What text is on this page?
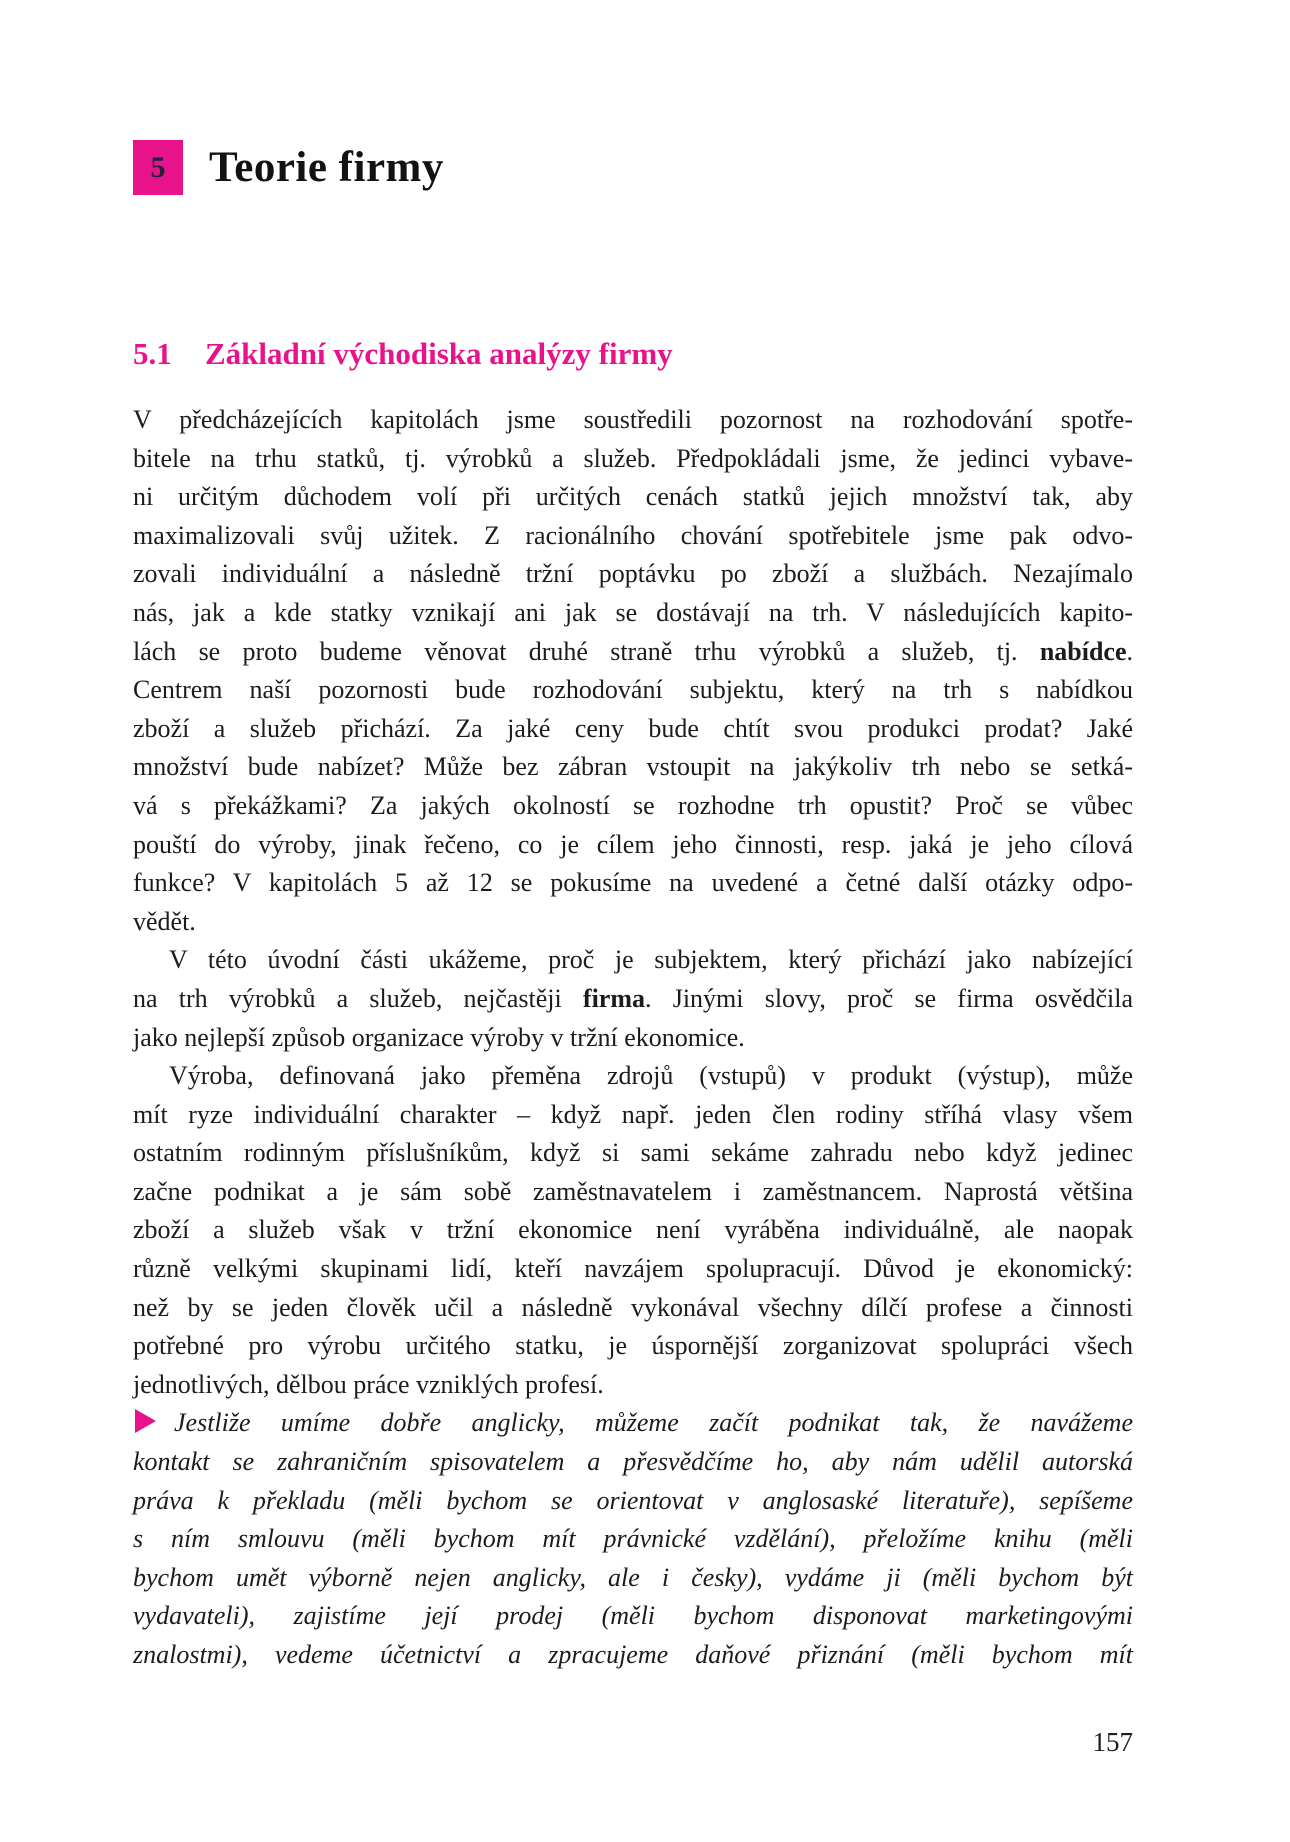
5 Teorie firmy
5.1 Základní východiska analýzy firmy
V předcházejících kapitolách jsme soustředili pozornost na rozhodování spotře-
bitele na trhu statků, tj. výrobků a služeb. Předpokládali jsme, že jedinci vybave-
ni určitým důchodem volí při určitých cenách statků jejich množství tak, aby
maximalizovali svůj užitek. Z racionálního chování spotřebitele jsme pak odvo-
zovali individuální a následně tržní poptávku po zboží a službách. Nezajímalo
nás, jak a kde statky vznikají ani jak se dostávají na trh. V následujících kapito-
lách se proto budeme věnovat druhé straně trhu výrobků a služeb, tj. nabídce.
Centrem naší pozornosti bude rozhodování subjektu, který na trh s nabídkou
zboží a služeb přichází. Za jaké ceny bude chtít svou produkci prodat? Jaké
množství bude nabízet? Může bez zábran vstoupit na jakýkoliv trh nebo se setká-
vá s překážkami? Za jakých okolností se rozhodne trh opustit? Proč se vůbec
pouští do výroby, jinak řečeno, co je cílem jeho činnosti, resp. jaká je jeho cílová
funkce? V kapitolách 5 až 12 se pokusíme na uvedené a četné další otázky odpo-
vědět.
V této úvodní části ukážeme, proč je subjektem, který přichází jako nabízející
na trh výrobků a služeb, nejčastěji firma. Jinými slovy, proč se firma osvědčila
jako nejlepší způsob organizace výroby v tržní ekonomice.
Výroba, definovaná jako přeměna zdrojů (vstupů) v produkt (výstup), může
mít ryze individuální charakter – když např. jeden člen rodiny stříhá vlasy všem
ostatním rodinným příslušníkům, když si sami sekáme zahradu nebo když jedinec
začne podnikat a je sám sobě zaměstnavatelem i zaměstnancem. Naprostá většina
zboží a služeb však v tržní ekonomice není vyráběna individuálně, ale naopak
různě velkými skupinami lidí, kteří navzájem spolupracují. Důvod je ekonomický:
než by se jeden člověk učil a následně vykonával všechny dílčí profese a činnosti
potřebné pro výrobu určitého statku, je úspornější zorganizovat spolupráci všech
jednotlivých, dělbou práce vzniklých profesí.
Jestliže umíme dobře anglicky, můžeme začít podnikat tak, že navážeme
kontakt se zahraničním spisovatelem a přesvědčíme ho, aby nám udělil autorská
práva k překladu (měli bychom se orientovat v anglosaské literatuře), sepíšeme
s ním smlouvu (měli bychom mít právnické vzdělání), přeložíme knihu (měli
bychom umět výborně nejen anglicky, ale i česky), vydáme ji (měli bychom být
vydavateli), zajistíme její prodej (měli bychom disponovat marketingovými
znalostmi), vedeme účetnictví a zpracujeme daňové přiznání (měli bychom mít
157
